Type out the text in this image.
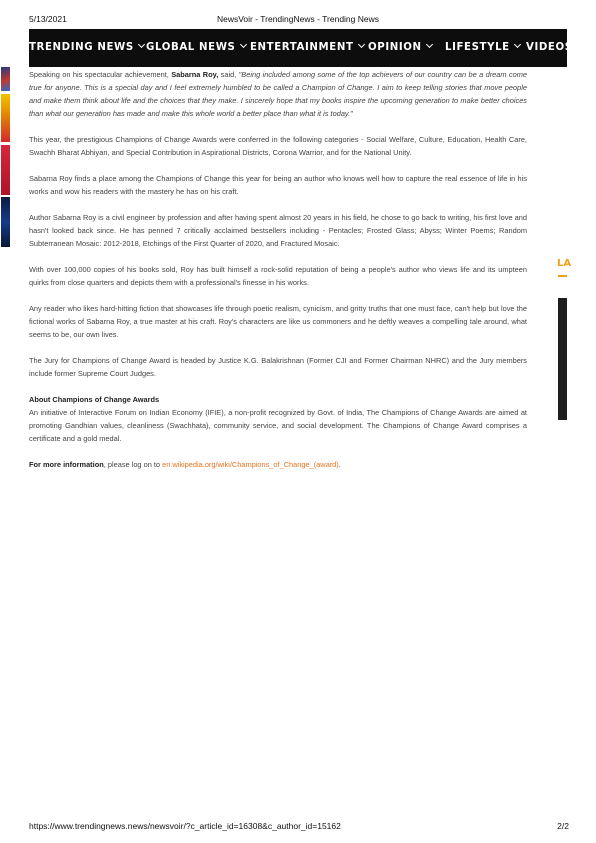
5/13/2021	NewsVoir - TrendingNews - Trending News
TRENDING NEWS	GLOBAL NEWS	ENTERTAINMENT	OPINION	LIFESTYLE	VIDEOS

Speaking on his spectacular achievement, Sabarna Roy, said, "Being included among some of the top achievers of our country can be a dream come true for anyone. This is a special day and I feel extremely humbled to be called a Champion of Change. I aim to keep telling stories that move people and make them think about life and the choices that they make. I sincerely hope that my books inspire the upcoming generation to make better choices than what our generation has made and make this whole world a better place than what it is today."

This year, the prestigious Champions of Change Awards were conferred in the following categories - Social Welfare, Culture, Education, Health Care, Swachh Bharat Abhiyan, and Special Contribution in Aspirational Districts, Corona Warrior, and for the National Unity.

Sabarna Roy finds a place among the Champions of Change this year for being an author who knows well how to capture the real essence of life in his works and wow his readers with the mastery he has on his craft.

Author Sabarna Roy is a civil engineer by profession and after having spent almost 20 years in his field, he chose to go back to writing, his first love and hasn't looked back since. He has penned 7 critically acclaimed bestsellers including - Pentacles; Frosted Glass; Abyss; Winter Poems; Random Subterranean Mosaic: 2012-2018, Etchings of the First Quarter of 2020, and Fractured Mosaic.

With over 100,000 copies of his books sold, Roy has built himself a rock-solid reputation of being a people's author who views life and its umpteen quirks from close quarters and depicts them with a professional's finesse in his works.

Any reader who likes hard-hitting fiction that showcases life through poetic realism, cynicism, and gritty truths that one must face, can't help but love the fictional works of Sabarna Roy, a true master at his craft. Roy's characters are like us commoners and he deftly weaves a compelling tale around, what seems to be, our own lives.

The Jury for Champions of Change Award is headed by Justice K.G. Balakrishnan (Former CJI and Former Chairman NHRC) and the Jury members include former Supreme Court Judges.

About Champions of Change Awards
An initiative of Interactive Forum on Indian Economy (IFIE), a non-profit recognized by Govt. of India, The Champions of Change Awards are aimed at promoting Gandhian values, cleanliness (Swachhata), community service, and social development. The Champions of Change Award comprises a certificate and a gold medal.

For more information, please log on to en.wikipedia.org/wiki/Champions_of_Change_(award).

LA
https://www.trendingnews.news/newsvoir/?c_article_id=16308&c_author_id=15162	2/2
